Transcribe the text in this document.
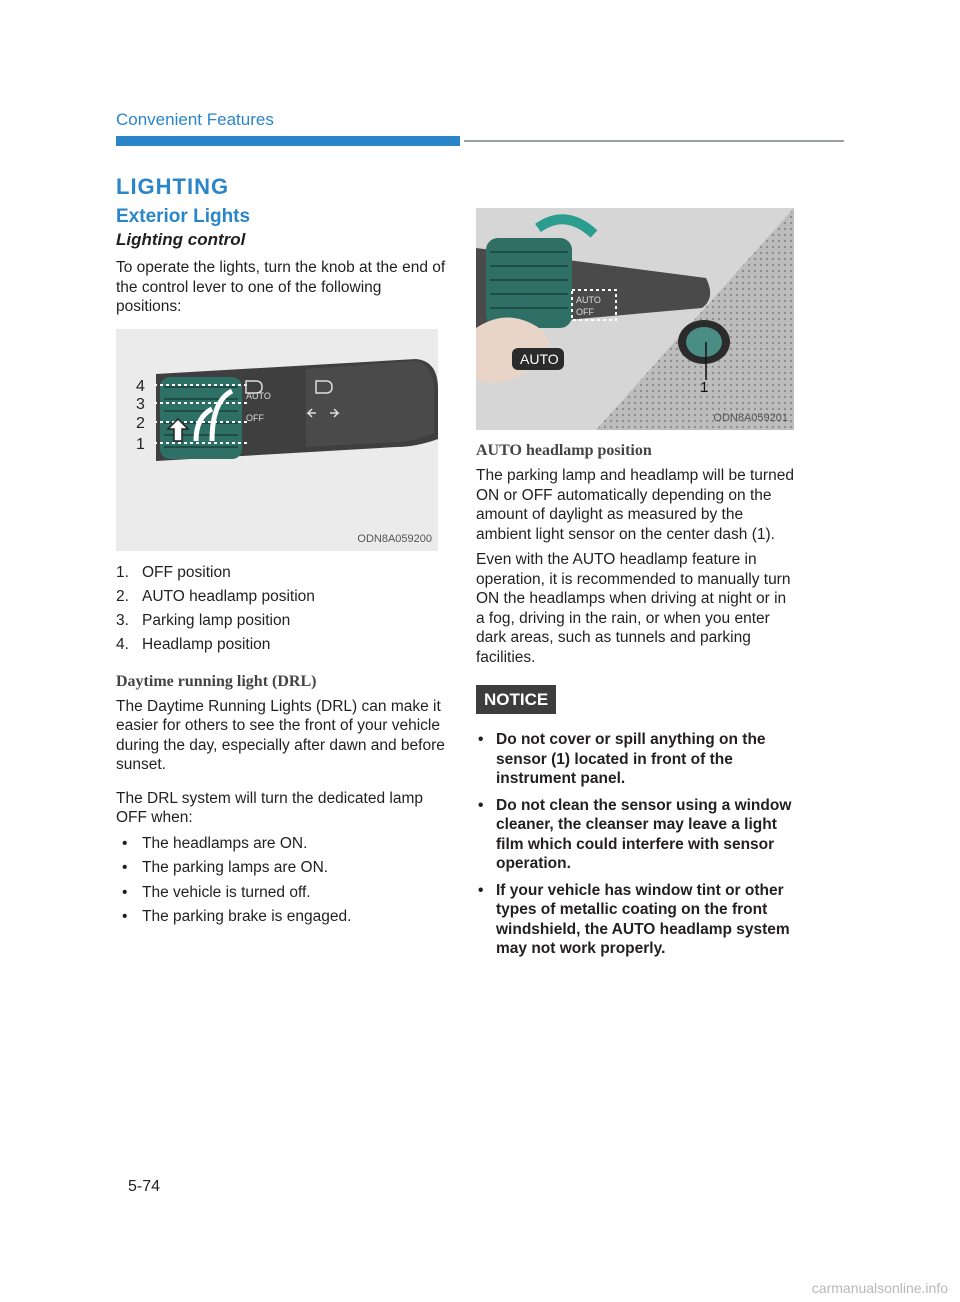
Convenient Features
LIGHTING
Exterior Lights
Lighting control

To operate the lights, turn the knob at the end of the control lever to one of the following positions:

AUTO
OFF
4
3
2
1
ODN8A059200
1. OFF position
2. AUTO headlamp position
3. Parking lamp position
4. Headlamp position
Daytime running light (DRL)

The Daytime Running Lights (DRL) can make it easier for others to see the front of your vehicle during the day, especially after dawn and before sunset.

The DRL system will turn the dedicated lamp OFF when:

• The headlamps are ON.
• The parking lamps are ON.
• The vehicle is turned off.
• The parking brake is engaged.
1
AUTO
OFF
AUTO
ODN8A059201
AUTO headlamp position

The parking lamp and headlamp will be turned ON or OFF automatically depending on the amount of daylight as measured by the ambient light sensor on the center dash (1).

Even with the AUTO headlamp feature in operation, it is recommended to manually turn ON the headlamps when driving at night or in a fog, driving in the rain, or when you enter dark areas, such as tunnels and parking facilities.

NOTICE
• Do not cover or spill anything on the sensor (1) located in front of the instrument panel.
• Do not clean the sensor using a window cleaner, the cleanser may leave a light film which could interfere with sensor operation.
• If your vehicle has window tint or other types of metallic coating on the front windshield, the AUTO headlamp system may not work properly.
5-74
carmanualsonline.info
